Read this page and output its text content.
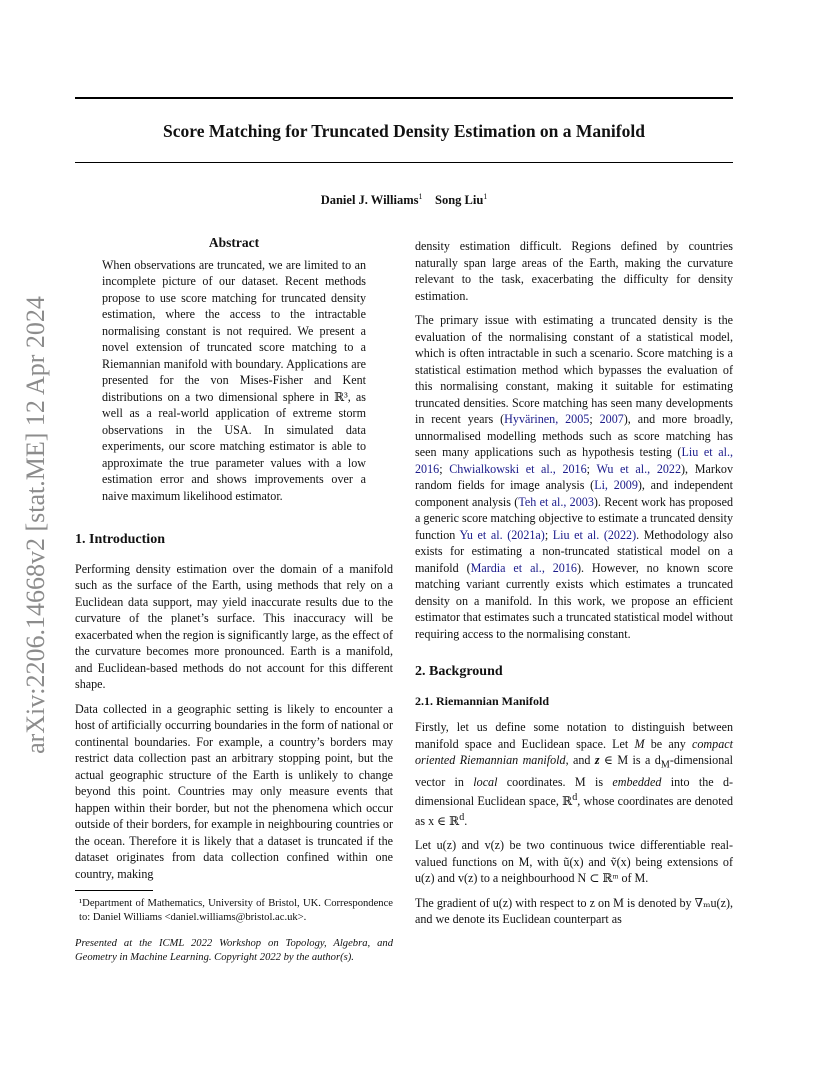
arXiv:2206.14668v2 [stat.ME] 12 Apr 2024
Score Matching for Truncated Density Estimation on a Manifold
Daniel J. Williams$^1$ Song Liu$^1$
Abstract

When observations are truncated, we are limited to an incomplete picture of our dataset. Recent methods propose to use score matching for truncated density estimation, where the access to the intractable normalising constant is not required. We present a novel extension of truncated score matching to a Riemannian manifold with boundary. Applications are presented for the von Mises-Fisher and Kent distributions on a two dimensional sphere in ℝ³, as well as a real-world application of extreme storm observations in the USA. In simulated data experiments, our score matching estimator is able to approximate the true parameter values with a low estimation error and shows improvements over a naive maximum likelihood estimator.

1. Introduction

Performing density estimation over the domain of a manifold such as the surface of the Earth, using methods that rely on a Euclidean data support, may yield inaccurate results due to the curvature of the planet’s surface. This inaccuracy will be exacerbated when the region is significantly large, as the effect of the curvature becomes more pronounced. Earth is a manifold, and Euclidean-based methods do not account for this different shape.

Data collected in a geographic setting is likely to encounter a host of artificially occurring boundaries in the form of national or continental boundaries. For example, a country’s borders may restrict data collection past an arbitrary stopping point, but the actual geographic structure of the Earth is unlikely to change beyond this point. Countries may only measure events that happen within their border, but not the phenomena which occur outside of their borders, for example in neighbouring countries or the ocean. Therefore it is likely that a dataset is truncated if the dataset originates from data collection confined within one country, making

¹Department of Mathematics, University of Bristol, UK. Correspondence to: Daniel Williams <daniel.williams@bristol.ac.uk>.

Presented at the ICML 2022 Workshop on Topology, Algebra, and Geometry in Machine Learning. Copyright 2022 by the author(s).

density estimation difficult. Regions defined by countries naturally span large areas of the Earth, making the curvature relevant to the task, exacerbating the difficulty for density estimation.

The primary issue with estimating a truncated density is the evaluation of the normalising constant of a statistical model, which is often intractable in such a scenario. Score matching is a statistical estimation method which bypasses the evaluation of this normalising constant, making it suitable for estimating truncated densities. Score matching has seen many developments in recent years (Hyvärinen, 2005; 2007), and more broadly, unnormalised modelling methods such as score matching has seen many applications such as hypothesis testing (Liu et al., 2016; Chwialkowski et al., 2016; Wu et al., 2022), Markov random fields for image analysis (Li, 2009), and independent component analysis (Teh et al., 2003). Recent work has proposed a generic score matching objective to estimate a truncated density function Yu et al. (2021a); Liu et al. (2022). Methodology also exists for estimating a non-truncated statistical model on a manifold (Mardia et al., 2016). However, no known score matching variant currently exists which estimates a truncated density on a manifold. In this work, we propose an efficient estimator that estimates such a truncated statistical model without requiring access to the normalising constant.

2. Background
2.1. Riemannian Manifold

Firstly, let us define some notation to distinguish between manifold space and Euclidean space. Let M be any compact oriented Riemannian manifold, and z ∈ M is a $d_M$-dimensional vector in local coordinates. M is embedded into the d-dimensional Euclidean space, ℝ$^d$, whose coordinates are denoted as x ∈ ℝ$^d$.

Let u(z) and v(z) be two continuous twice differentiable real-valued functions on M, with ũ(x) and ṽ(x) being extensions of u(z) and v(z) to a neighbourhood N ⊂ ℝᵐ of M.

The gradient of u(z) with respect to z on M is denoted by ∇ₘu(z), and we denote its Euclidean counterpart as
